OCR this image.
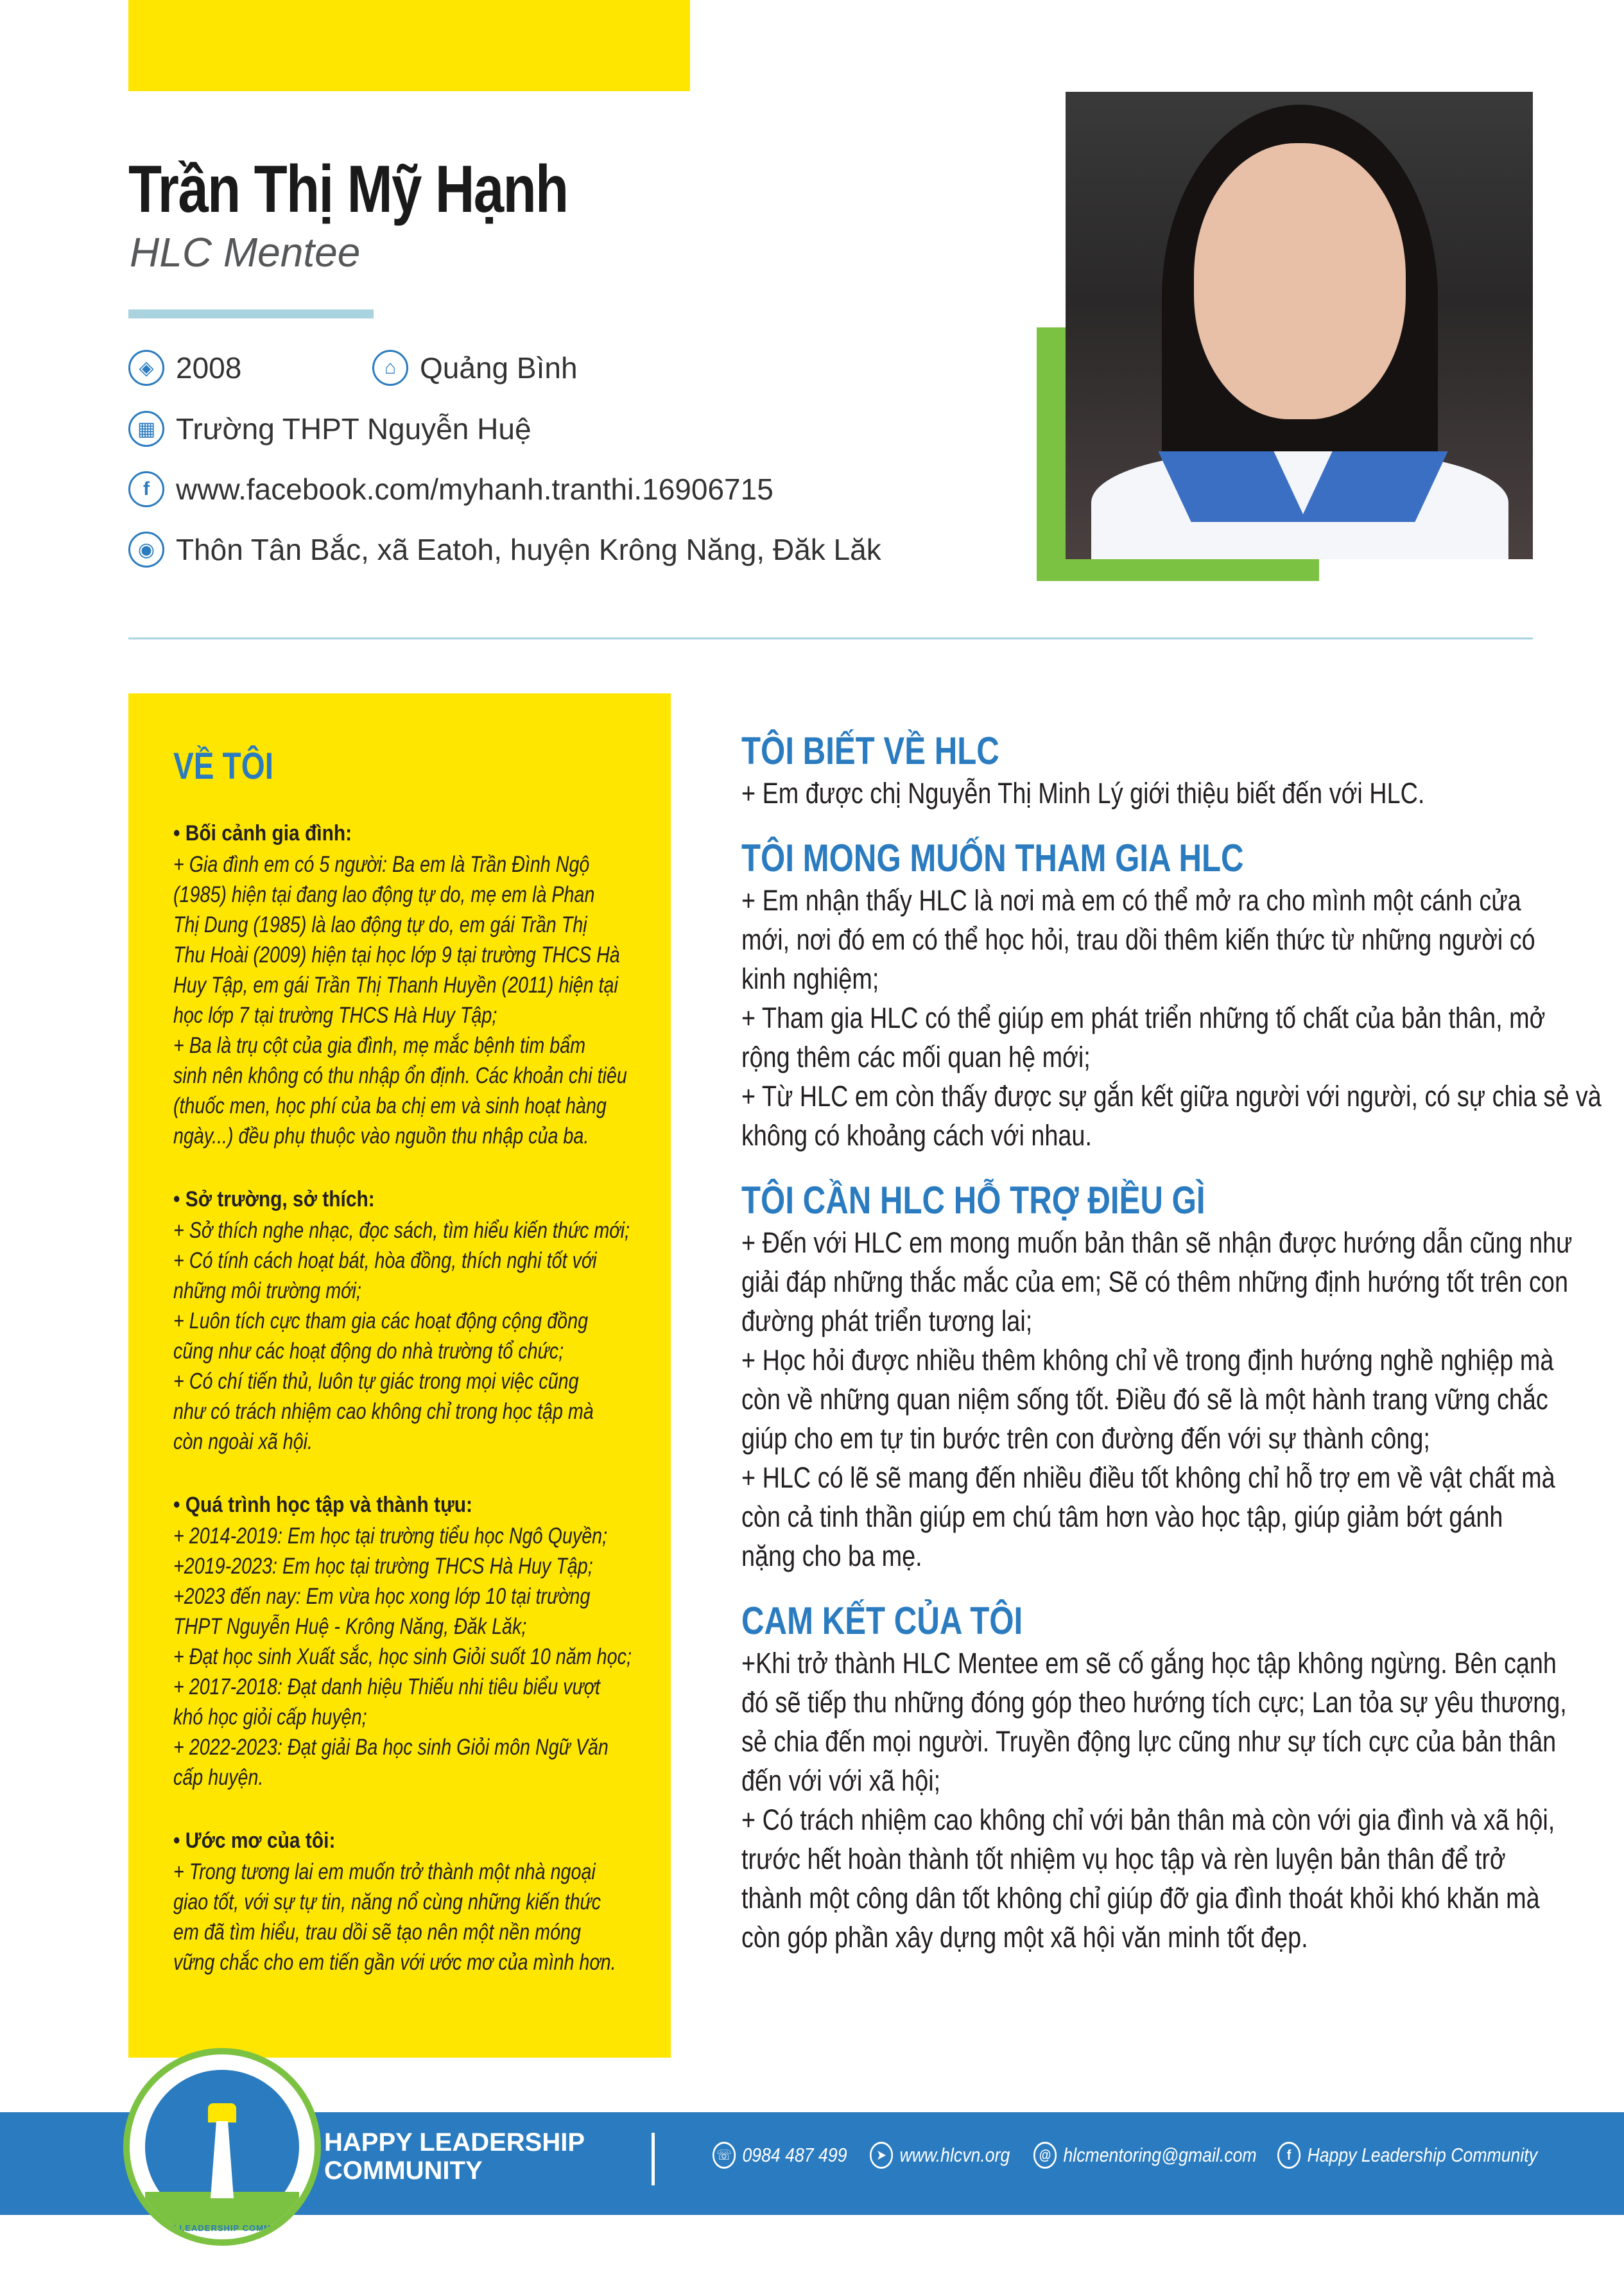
Trần Thị Mỹ Hạnh
HLC Mentee
◈ 2008	⌂ Quảng Bình
▦ Trường THPT Nguyễn Huệ
f www.facebook.com/myhanh.tranthi.16906715
◉ Thôn Tân Bắc, xã Eatoh, huyện Krông Năng, Đăk Lăk
VỀ TÔI
• Bối cảnh gia đình:
+ Gia đình em có 5 người: Ba em là Trần Đình Ngộ
(1985) hiện tại đang lao động tự do, mẹ em là Phan
Thị Dung (1985) là lao động tự do, em gái Trần Thị
Thu Hoài (2009) hiện tại học lớp 9 tại trường THCS Hà
Huy Tập, em gái Trần Thị Thanh Huyền (2011) hiện tại
học lớp 7 tại trường THCS Hà Huy Tập;
+ Ba là trụ cột của gia đình, mẹ mắc bệnh tim bẩm
sinh nên không có thu nhập ổn định. Các khoản chi tiêu
(thuốc men, học phí của ba chị em và sinh hoạt hàng
ngày...) đều phụ thuộc vào nguồn thu nhập của ba.
• Sở trường, sở thích:
+ Sở thích nghe nhạc, đọc sách, tìm hiểu kiến thức mới;
+ Có tính cách hoạt bát, hòa đồng, thích nghi tốt với
những môi trường mới;
+ Luôn tích cực tham gia các hoạt động cộng đồng
cũng như các hoạt động do nhà trường tổ chức;
+ Có chí tiến thủ, luôn tự giác trong mọi việc cũng
như có trách nhiệm cao không chỉ trong học tập mà
còn ngoài xã hội.
• Quá trình học tập và thành tựu:
+ 2014-2019: Em học tại trường tiểu học Ngô Quyền;
+2019-2023: Em học tại trường THCS Hà Huy Tập;
+2023 đến nay: Em vừa học xong lớp 10 tại trường
THPT Nguyễn Huệ - Krông Năng, Đăk Lăk;
+ Đạt học sinh Xuất sắc, học sinh Giỏi suốt 10 năm học;
+ 2017-2018: Đạt danh hiệu Thiếu nhi tiêu biểu vượt
khó học giỏi cấp huyện;
+ 2022-2023: Đạt giải Ba học sinh Giỏi môn Ngữ Văn
cấp huyện.
• Ước mơ của tôi:
+ Trong tương lai em muốn trở thành một nhà ngoại
giao tốt, với sự tự tin, năng nổ cùng những kiến thức
em đã tìm hiểu, trau dồi sẽ tạo nên một nền móng
vững chắc cho em tiến gần với ước mơ của mình hơn.
TÔI BIẾT VỀ HLC
+ Em được chị Nguyễn Thị Minh Lý giới thiệu biết đến với HLC.
TÔI MONG MUỐN THAM GIA HLC
+ Em nhận thấy HLC là nơi mà em có thể mở ra cho mình một cánh cửa
mới, nơi đó em có thể học hỏi, trau dồi thêm kiến thức từ những người có
kinh nghiệm;
+ Tham gia HLC có thể giúp em phát triển những tố chất của bản thân, mở
rộng thêm các mối quan hệ mới;
+ Từ HLC em còn thấy được sự gắn kết giữa người với người, có sự chia sẻ và
không có khoảng cách với nhau.
TÔI CẦN HLC HỖ TRỢ ĐIỀU GÌ
+ Đến với HLC em mong muốn bản thân sẽ nhận được hướng dẫn cũng như
giải đáp những thắc mắc của em; Sẽ có thêm những định hướng tốt trên con
đường phát triển tương lai;
+ Học hỏi được nhiều thêm không chỉ về trong định hướng nghề nghiệp mà
còn về những quan niệm sống tốt. Điều đó sẽ là một hành trang vững chắc
giúp cho em tự tin bước trên con đường đến với sự thành công;
+ HLC có lẽ sẽ mang đến nhiều điều tốt không chỉ hỗ trợ em về vật chất mà
còn cả tinh thần giúp em chú tâm hơn vào học tập, giúp giảm bớt gánh
nặng cho ba mẹ.
CAM KẾT CỦA TÔI
+Khi trở thành HLC Mentee em sẽ cố gắng học tập không ngừng. Bên cạnh
đó sẽ tiếp thu những đóng góp theo hướng tích cực; Lan tỏa sự yêu thương,
sẻ chia đến mọi người. Truyền động lực cũng như sự tích cực của bản thân
đến với với xã hội;
+ Có trách nhiệm cao không chỉ với bản thân mà còn với gia đình và xã hội,
trước hết hoàn thành tốt nhiệm vụ học tập và rèn luyện bản thân để trở
thành một công dân tốt không chỉ giúp đỡ gia đình thoát khỏi khó khăn mà
còn góp phần xây dựng một xã hội văn minh tốt đẹp.
HAPPY LEADERSHIP COMMUNITY
HAPPY LEADERSHIP
COMMUNITY
☏ 0984 487 499	➤ www.hlcvn.org	@ hlcmentoring@gmail.com	f Happy Leadership Community
